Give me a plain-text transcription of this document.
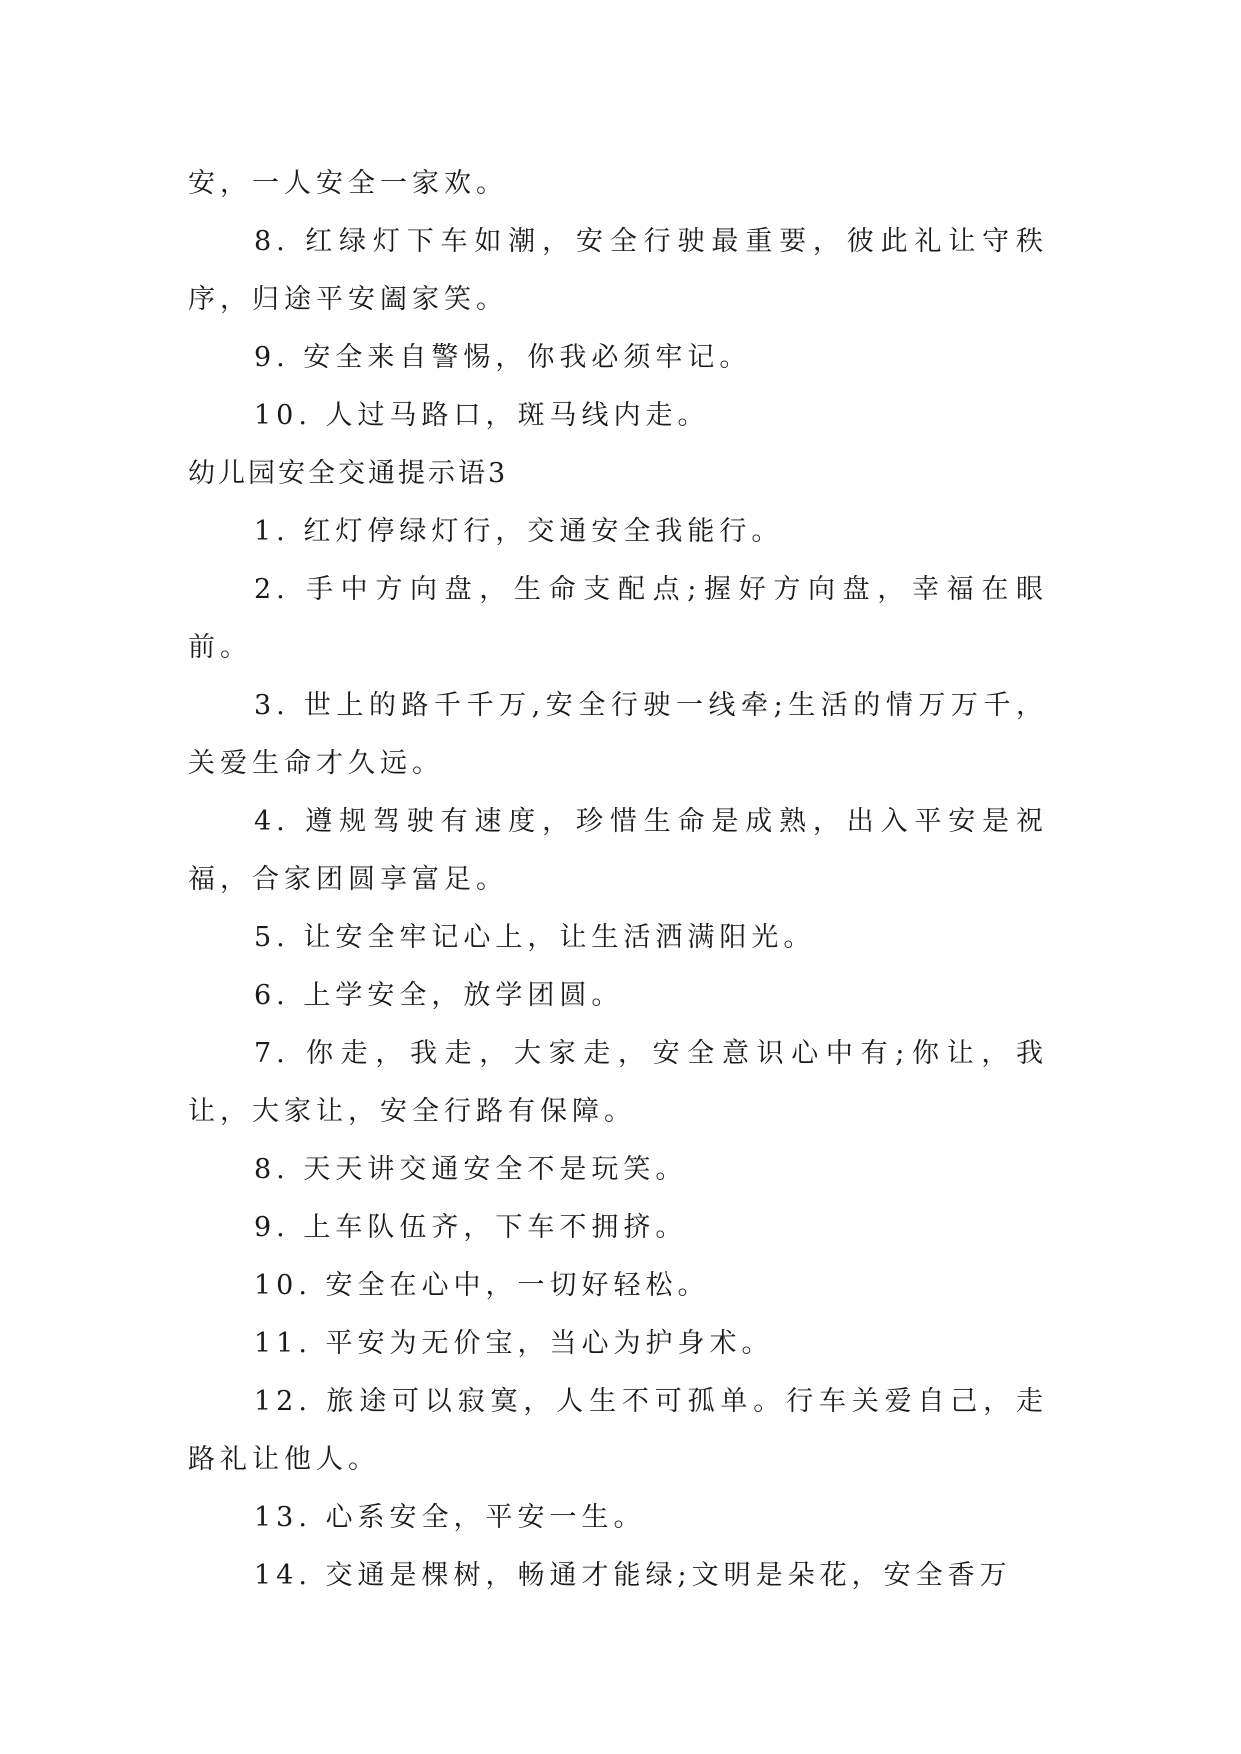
安，一人安全一家欢。

8. 红绿灯下车如潮，安全行驶最重要，彼此礼让守秩序，归途平安阖家笑。

9. 安全来自警惕，你我必须牢记。

10. 人过马路口，斑马线内走。

幼儿园安全交通提示语3

1. 红灯停绿灯行，交通安全我能行。

2. 手中方向盘，生命支配点;握好方向盘，幸福在眼前。

3. 世上的路千千万,安全行驶一线牵;生活的情万万千，关爱生命才久远。

4. 遵规驾驶有速度，珍惜生命是成熟，出入平安是祝福，合家团圆享富足。

5. 让安全牢记心上，让生活洒满阳光。

6. 上学安全，放学团圆。

7. 你走，我走，大家走，安全意识心中有;你让，我让，大家让，安全行路有保障。

8. 天天讲交通安全不是玩笑。

9. 上车队伍齐，下车不拥挤。

10. 安全在心中，一切好轻松。

11. 平安为无价宝，当心为护身术。

12. 旅途可以寂寞，人生不可孤单。行车关爱自己，走路礼让他人。

13. 心系安全，平安一生。

14. 交通是棵树，畅通才能绿;文明是朵花，安全香万
